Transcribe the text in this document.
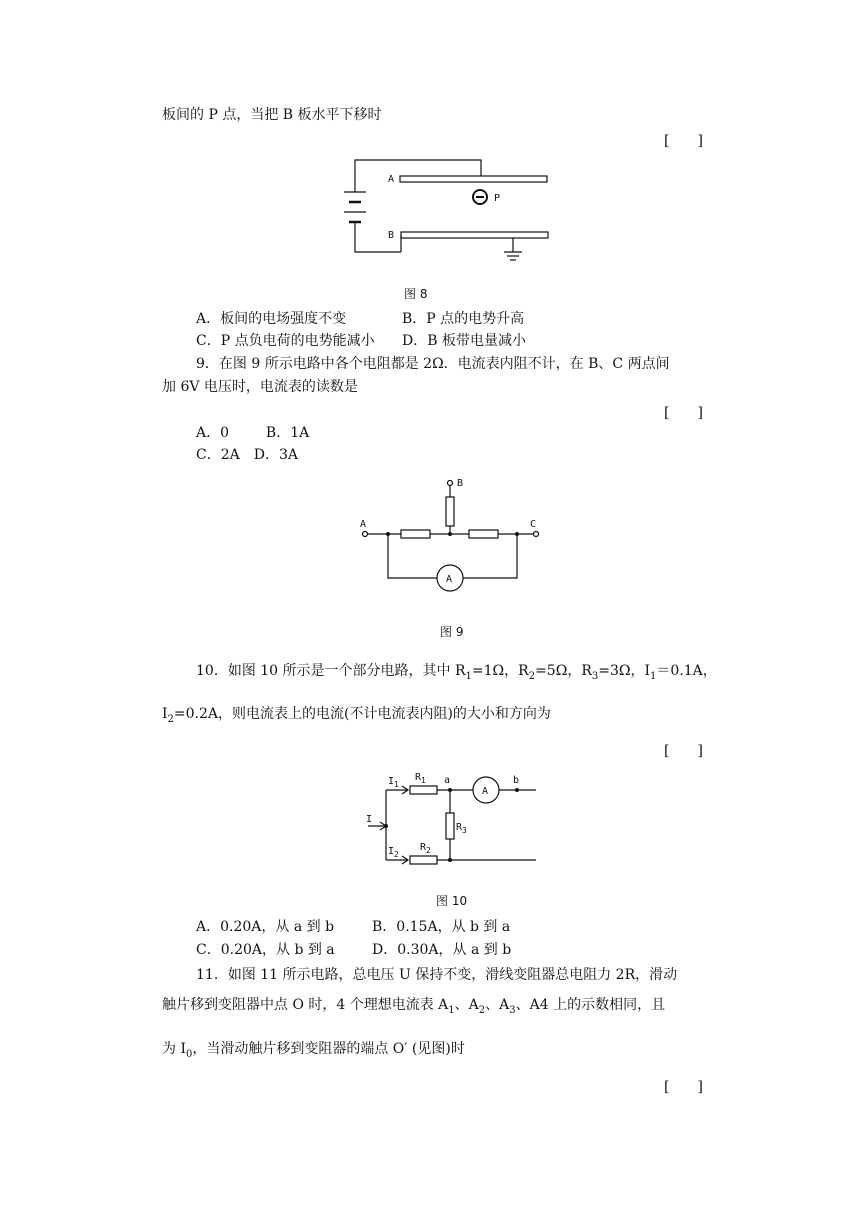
板间的 P 点，当把 B 板水平下移时
[　　]
A
B
P
图 8
A．板间的电场强度不变	B．P 点的电势升高
C．P 点负电荷的电势能减小 D．B 板带电量减小
9．在图 9 所示电路中各个电阻都是 2Ω．电流表内阻不计，在 B、C 两点间
加 6V 电压时，电流表的读数是
[　　]
A．0 　　 B．1A
C．2A　D．3A
A
B
C
A
图 9
10．如图 10 所示是一个部分电路，其中 $R_1=1\Omega$，$R_2=5\Omega$，$R_3=3\Omega$，$I_1=0.1A$，
$I_2=0.2A$，则电流表上的电流(不计电流表内阻)的大小和方向为
[　　]
I
$I_1$
$I_2$
$R_1$
$R_2$
$R_3$
a	b
A
图 10
A．0.20A，从 a 到 b	B．0.15A，从 b 到 a
C．0.20A，从 b 到 a	D．0.30A，从 a 到 b
11．如图 11 所示电路，总电压 U 保持不变，滑线变阻器总电阻力 2R，滑动
触片移到变阻器中点 O 时，4 个理想电流表 $A_1$、$A_2$、$A_3$、A4 上的示数相同，且
为 $I_0$，当滑动触片移到变阻器的端点 O′ (见图)时
[　　]
